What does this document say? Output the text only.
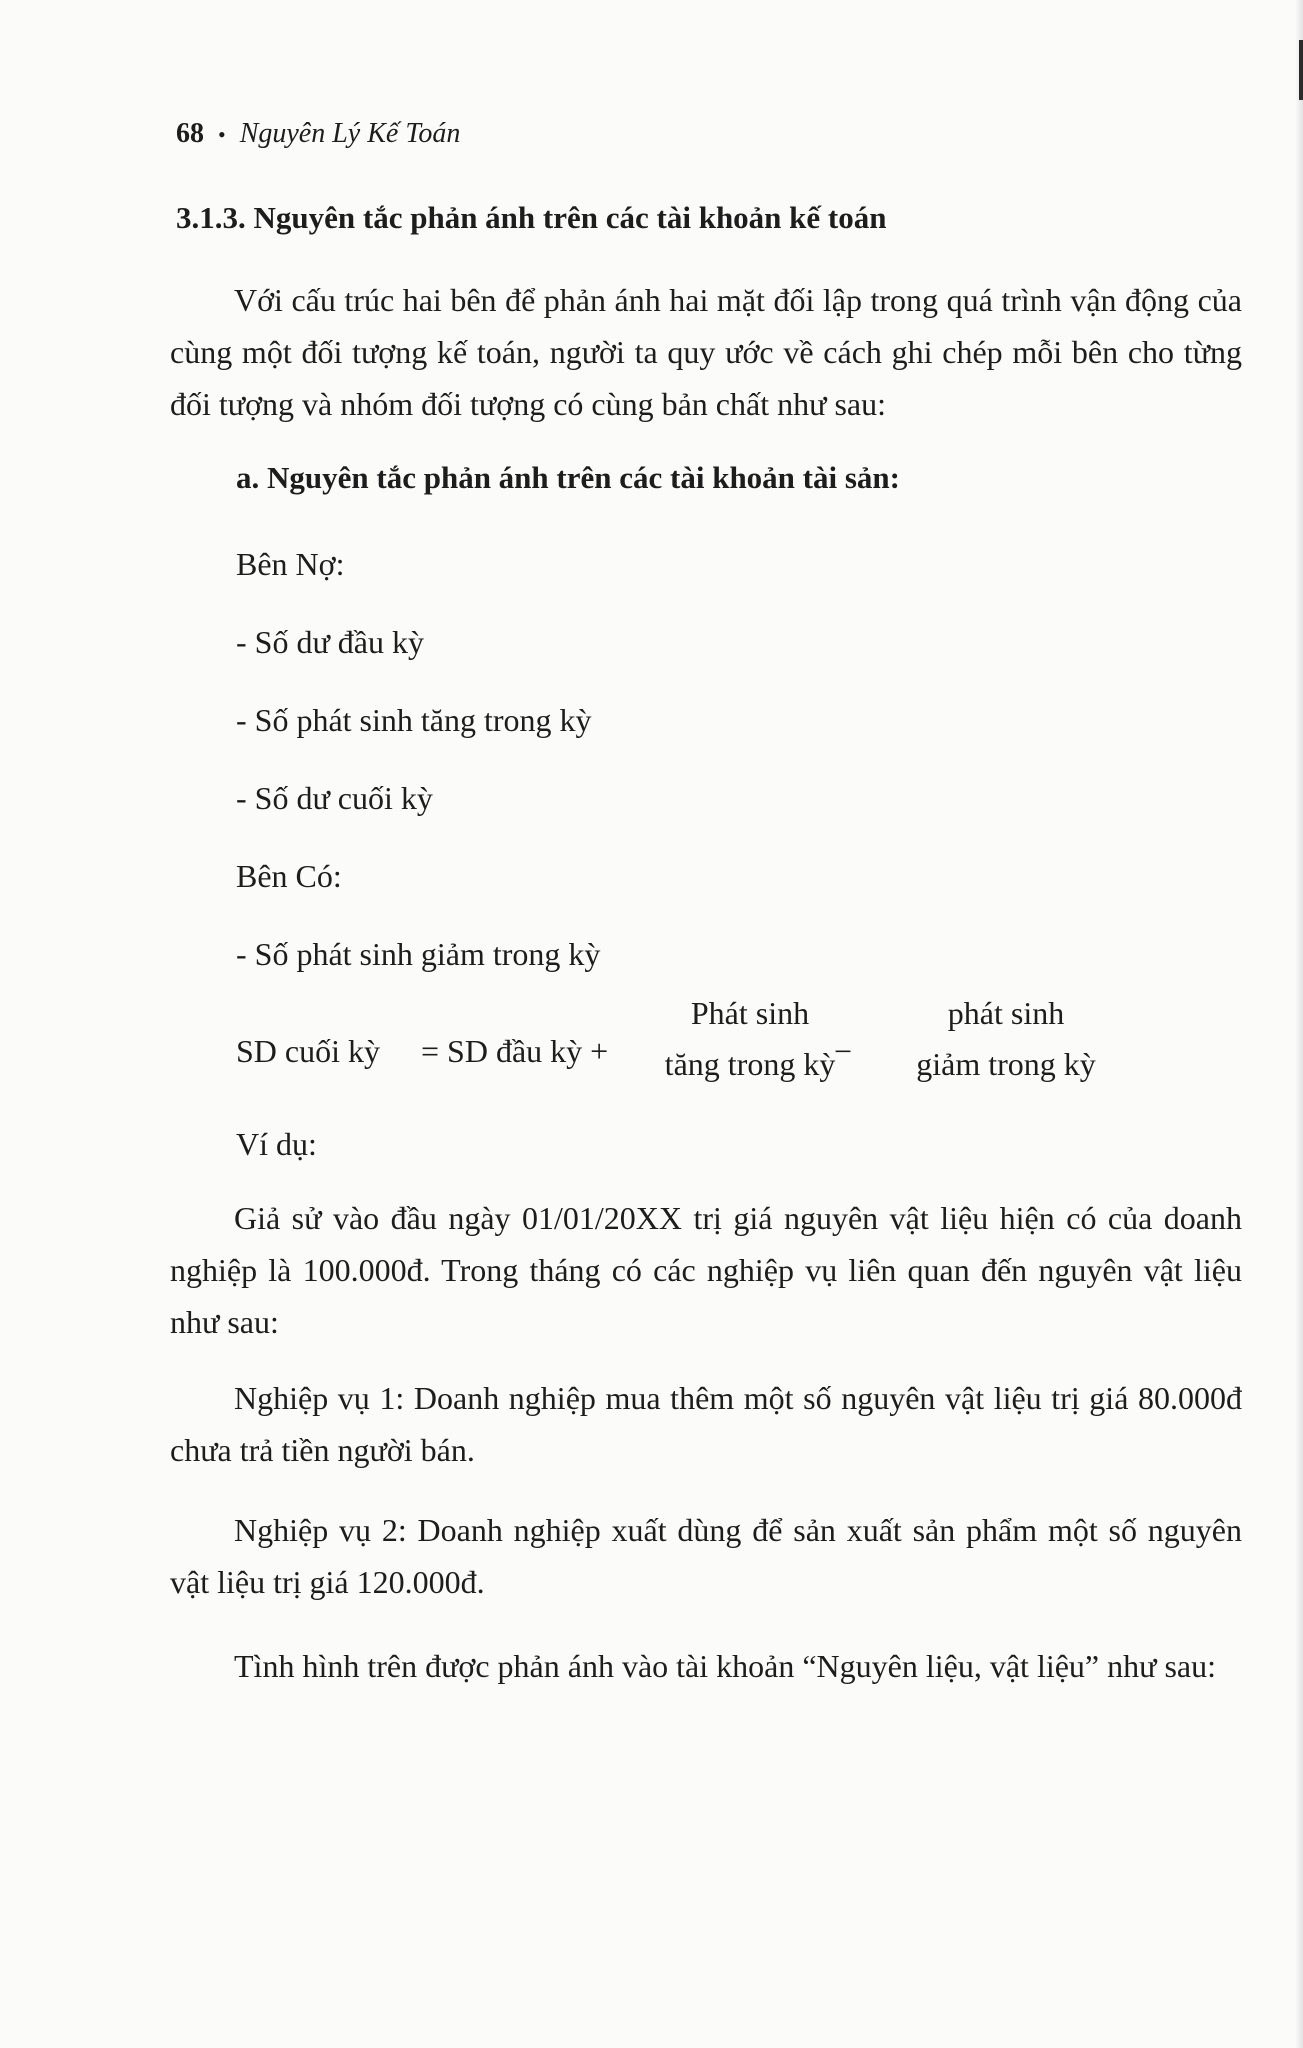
68 • Nguyên Lý Kế Toán
3.1.3. Nguyên tắc phản ánh trên các tài khoản kế toán

Với cấu trúc hai bên để phản ánh hai mặt đối lập trong quá trình vận động của cùng một đối tượng kế toán, người ta quy ước về cách ghi chép mỗi bên cho từng đối tượng và nhóm đối tượng có cùng bản chất như sau:

a. Nguyên tắc phản ánh trên các tài khoản tài sản:
Bên Nợ:
- Số dư đầu kỳ
- Số phát sinh tăng trong kỳ
- Số dư cuối kỳ
Bên Có:
- Số phát sinh giảm trong kỳ
SD cuối kỳ = SD đầu kỳ +
Phát sinh
tăng trong kỳ
−
phát sinh
giảm trong kỳ
Ví dụ:

Giả sử vào đầu ngày 01/01/20XX trị giá nguyên vật liệu hiện có của doanh nghiệp là 100.000đ. Trong tháng có các nghiệp vụ liên quan đến nguyên vật liệu như sau:

Nghiệp vụ 1: Doanh nghiệp mua thêm một số nguyên vật liệu trị giá 80.000đ chưa trả tiền người bán.

Nghiệp vụ 2: Doanh nghiệp xuất dùng để sản xuất sản phẩm một số nguyên vật liệu trị giá 120.000đ.

Tình hình trên được phản ánh vào tài khoản “Nguyên liệu, vật liệu” như sau:
